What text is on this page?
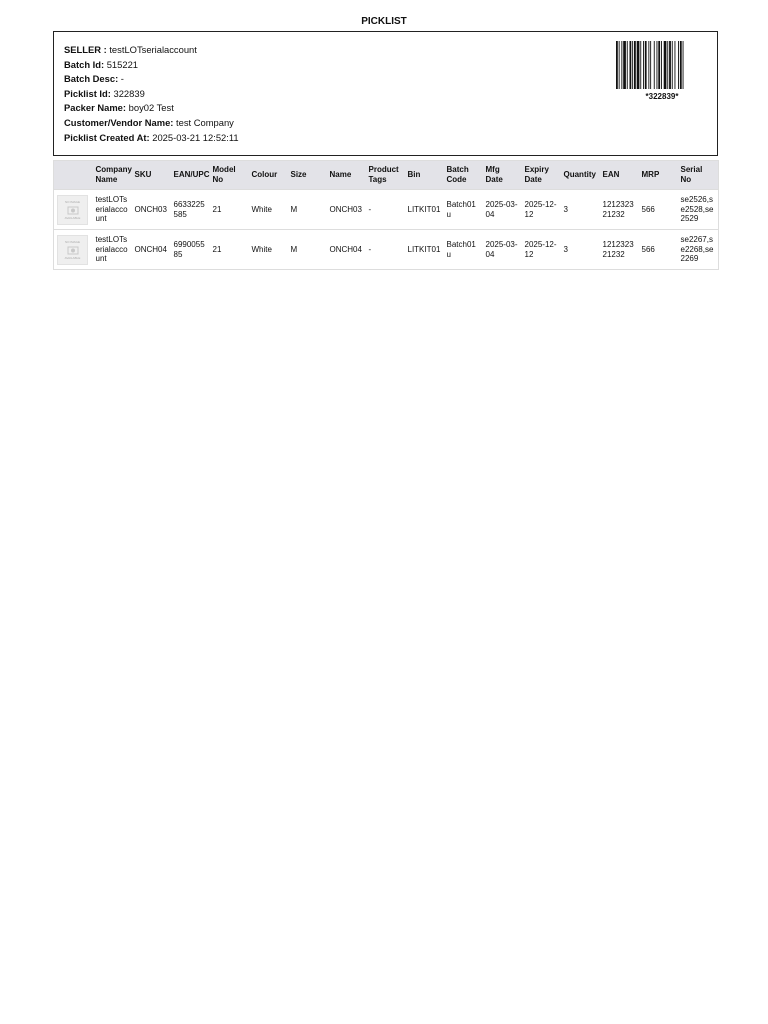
PICKLIST
SELLER : testLOTserialaccount
Batch Id: 515221
Batch Desc: -
Picklist Id: 322839
Packer Name: boy02 Test
Customer/Vendor Name: test Company
Picklist Created At: 2025-03-21 12:52:11
*322839*
	Company Name	SKU	EAN/UPC	Model No	Colour	Size	Name	Product Tags	Bin	Batch Code	Mfg Date	Expiry Date	Quantity	EAN	MRP	Serial No

NO IMAGE
AVAILABLE	testLOTserialaccount	ONCH03	6633225585	21	White	M	ONCH03	-	LITKIT01	Batch01u	2025-03-04	2025-12-12	3	121232321232	566	se2526,se2528,se2529

NO IMAGE
AVAILABLE	testLOTserialaccount	ONCH04	699005585	21	White	M	ONCH04	-	LITKIT01	Batch01u	2025-03-04	2025-12-12	3	121232321232	566	se2267,se2268,se2269
